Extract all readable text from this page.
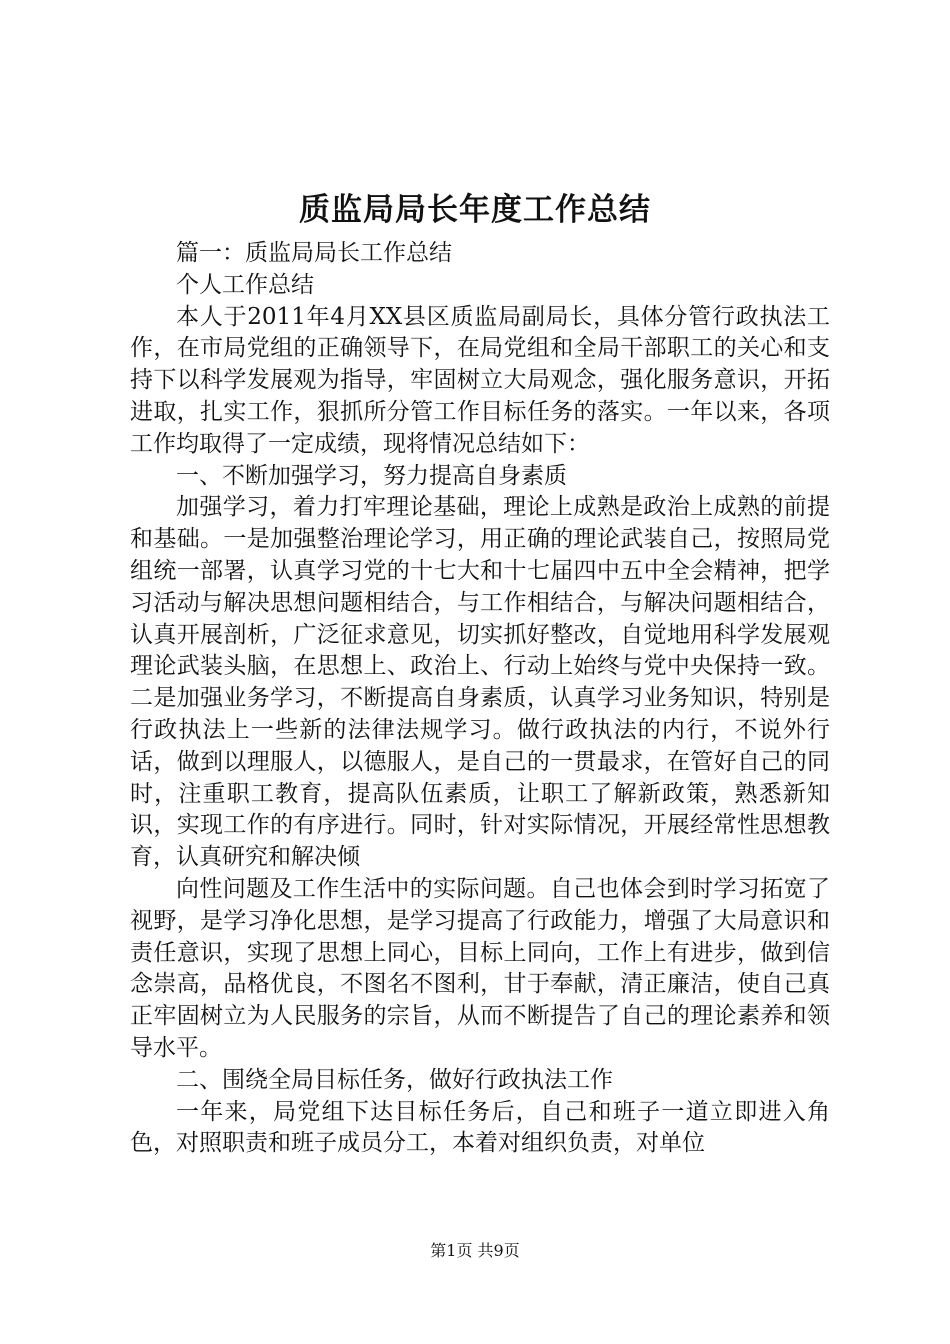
质监局局长年度工作总结

篇一：质监局局长工作总结

个人工作总结

本人于2011年4月XX县区质监局副局长，具体分管行政执法工作，在市局党组的正确领导下，在局党组和全局干部职工的关心和支持下以科学发展观为指导，牢固树立大局观念，强化服务意识，开拓进取，扎实工作，狠抓所分管工作目标任务的落实。一年以来，各项工作均取得了一定成绩，现将情况总结如下：

一、不断加强学习，努力提高自身素质

加强学习，着力打牢理论基础，理论上成熟是政治上成熟的前提和基础。一是加强整治理论学习，用正确的理论武装自己，按照局党组统一部署，认真学习党的十七大和十七届四中五中全会精神，把学习活动与解决思想问题相结合，与工作相结合，与解决问题相结合，认真开展剖析，广泛征求意见，切实抓好整改，自觉地用科学发展观理论武装头脑，在思想上、政治上、行动上始终与党中央保持一致。二是加强业务学习，不断提高自身素质，认真学习业务知识，特别是行政执法上一些新的法律法规学习。做行政执法的内行，不说外行话，做到以理服人，以德服人，是自己的一贯最求，在管好自己的同时，注重职工教育，提高队伍素质，让职工了解新政策，熟悉新知识，实现工作的有序进行。同时，针对实际情况，开展经常性思想教育，认真研究和解决倾

向性问题及工作生活中的实际问题。自己也体会到时学习拓宽了视野，是学习净化思想，是学习提高了行政能力，增强了大局意识和责任意识，实现了思想上同心，目标上同向，工作上有进步，做到信念崇高，品格优良，不图名不图利，甘于奉献，清正廉洁，使自己真正牢固树立为人民服务的宗旨，从而不断提告了自己的理论素养和领导水平。

二、围绕全局目标任务，做好行政执法工作

一年来，局党组下达目标任务后，自己和班子一道立即进入角色，对照职责和班子成员分工，本着对组织负责，对单位

第1页 共9页
